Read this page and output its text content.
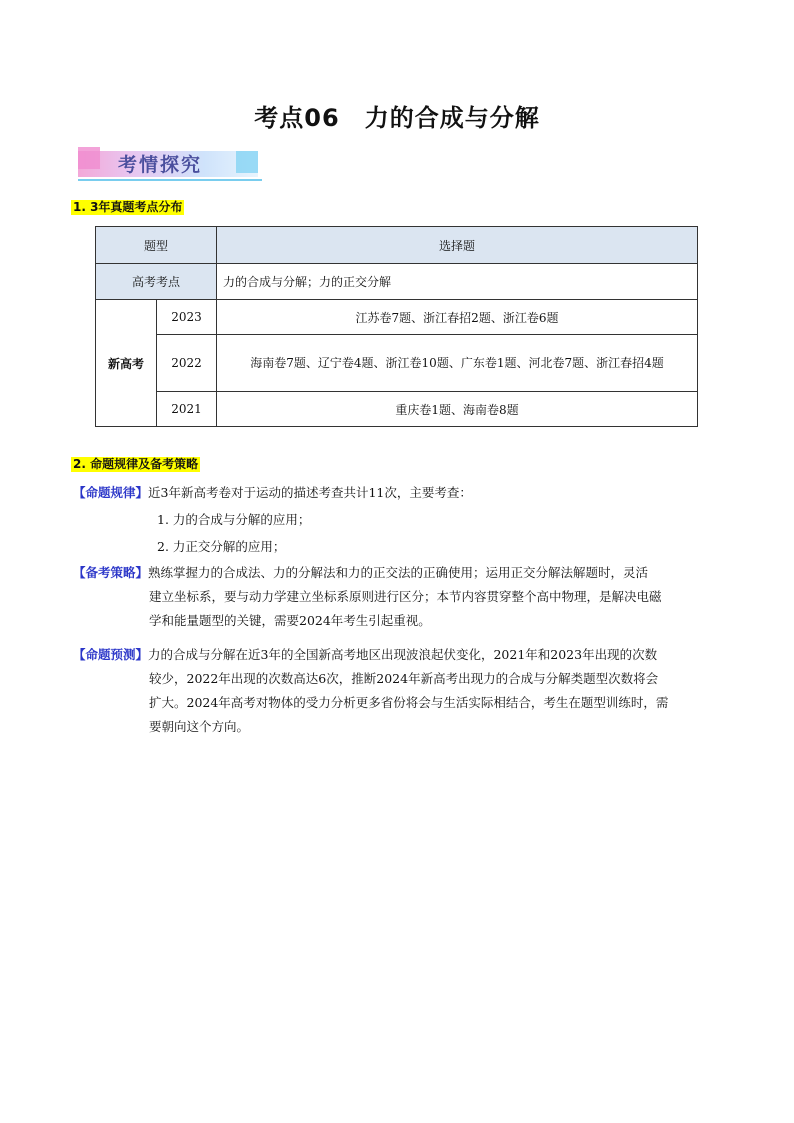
考点06　力的合成与分解
考情探究
1. 3年真题考点分布
题型		选择题
高考考点		力的合成与分解；力的正交分解
新高考	2023	江苏卷7题、浙江春招2题、浙江卷6题
	2022	海南卷7题、辽宁卷4题、浙江卷10题、广东卷1题、河北卷7题、浙江春招4题
	2021	重庆卷1题、海南卷8题
2. 命题规律及备考策略
【命题规律】近3年新高考卷对于运动的描述考查共计11次，主要考查：
1. 力的合成与分解的应用；
2. 力正交分解的应用；
【备考策略】熟练掌握力的合成法、力的分解法和力的正交法的正确使用；运用正交分解法解题时，灵活
建立坐标系，要与动力学建立坐标系原则进行区分；本节内容贯穿整个高中物理，是解决电磁
学和能量题型的关键，需要2024年考生引起重视。
【命题预测】力的合成与分解在近3年的全国新高考地区出现波浪起伏变化，2021年和2023年出现的次数
较少，2022年出现的次数高达6次，推断2024年新高考出现力的合成与分解类题型次数将会
扩大。2024年高考对物体的受力分析更多省份将会与生活实际相结合，考生在题型训练时，需
要朝向这个方向。
